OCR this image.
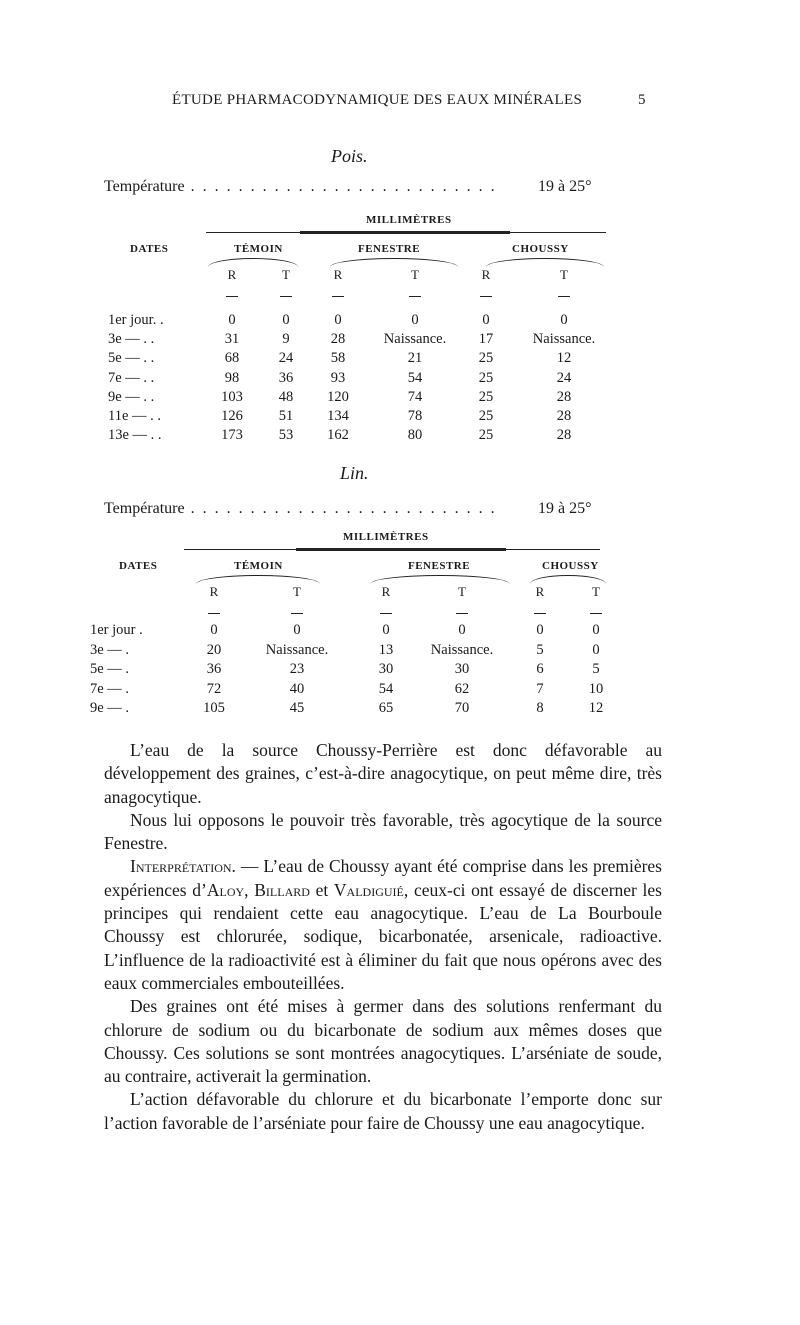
ÉTUDE PHARMACODYNAMIQUE DES EAUX MINÉRALES	5
Pois.
Température . . . . . . . . . . . . . . . . . . . . . . . . . .	19 à 25°
MILLIMÈTRES
DATES	TÉMOIN	FENESTRE	CHOUSSY
R	T	R	T	R	T
1er jour. .	0	0	0	0	0	0
3e — . .	31	9	28	Naissance.	17	Naissance.
5e — . .	68	24	58	21	25	12
7e — . .	98	36	93	54	25	24
9e — . .	103	48	120	74	25	28
11e — . .	126	51	134	78	25	28
13e — . .	173	53	162	80	25	28
Lin.
Température . . . . . . . . . . . . . . . . . . . . . . . . . .	19 à 25°
MILLIMÈTRES
DATES	TÉMOIN	FENESTRE	CHOUSSY
R	T	R	T	R	T
1er jour .	0	0	0	0	0	0
3e — .	20	Naissance.	13	Naissance.	5	0
5e — .	36	23	30	30	6	5
7e — .	72	40	54	62	7	10
9e — .	105	45	65	70	8	12

L’eau de la source Choussy-Perrière est donc défavorable au développement des graines, c’est-à-dire anagocytique, on peut même dire, très anagocytique.

Nous lui opposons le pouvoir très favorable, très agocytique de la source Fenestre.

Interprétation. — L’eau de Choussy ayant été comprise dans les premières expériences d’Aloy, Billard et Valdiguié, ceux-ci ont essayé de discerner les principes qui rendaient cette eau anagocytique. L’eau de La Bourboule Choussy est chlorurée, sodique, bicarbonatée, arsenicale, radioactive. L’influence de la radioactivité est à éliminer du fait que nous opérons avec des eaux commerciales embouteillées.

Des graines ont été mises à germer dans des solutions renfermant du chlorure de sodium ou du bicarbonate de sodium aux mêmes doses que Choussy. Ces solutions se sont montrées anagocytiques. L’arséniate de soude, au contraire, activerait la germination.

L’action défavorable du chlorure et du bicarbonate l’emporte donc sur l’action favorable de l’arséniate pour faire de Choussy une eau anagocytique.
